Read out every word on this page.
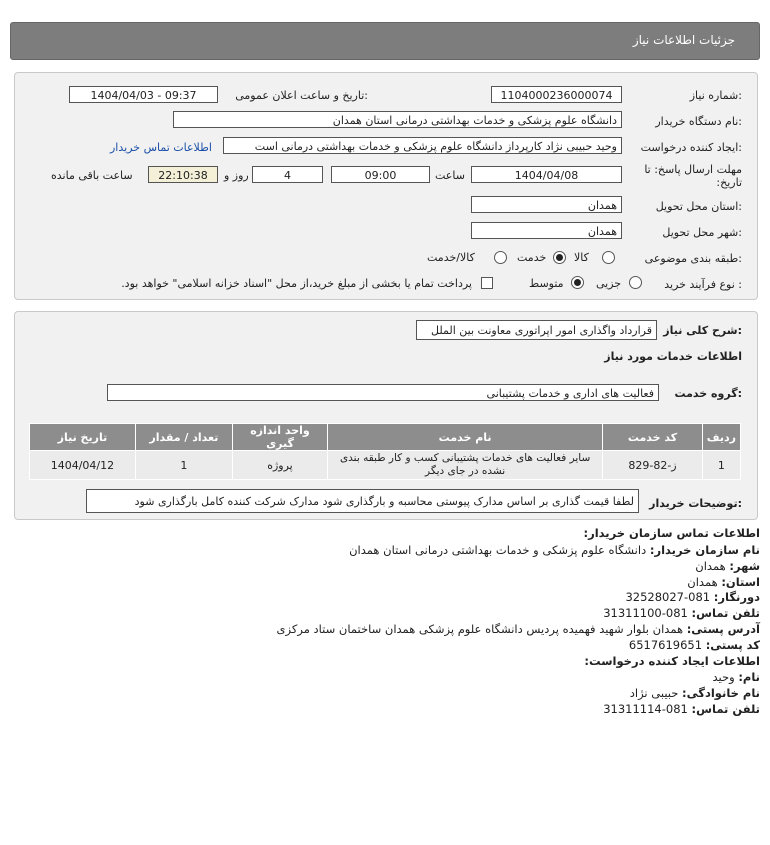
جزئیات اطلاعات نیاز
شماره نیاز:
1104000236000074
تاریخ و ساعت اعلان عمومی:
1404/04/03 - 09:37
نام دستگاه خریدار:
دانشگاه علوم پزشکی و خدمات بهداشتی درمانی استان همدان
ایجاد کننده درخواست:
وحید حبیبی نژاد کارپرداز دانشگاه علوم پزشکی و خدمات بهداشتی درمانی است
اطلاعات تماس خریدار
مهلت ارسال پاسخ: تا تاریخ:
1404/04/08
ساعت
09:00
4
روز و
22:10:38
ساعت باقی مانده
استان محل تحویل:
همدان
شهر محل تحویل:
همدان
طبقه بندی موضوعی:
کالا
خدمت
کالا/خدمت
نوع فرآیند خرید :
جزیی
متوسط
پرداخت تمام یا بخشی از مبلغ خرید،از محل "اسناد خزانه اسلامی" خواهد بود.
شرح کلی نیاز:
قرارداد واگذاری امور اپراتوری معاونت بین الملل
اطلاعات خدمات مورد نیاز
گروه خدمت:
فعالیت های اداری و خدمات پشتیبانی
تاریخ نیاز	تعداد / مقدار	واحد اندازه گیری	نام خدمت	کد خدمت	ردیف
1404/04/12	1	پروژه	سایر فعالیت های خدمات پشتیبانی کسب و کار طبقه بندی نشده در جای دیگر	ز-82-829	1
توضیحات خریدار:
لطفا قیمت گذاری بر اساس مدارک پیوستی محاسبه و بارگذاری شود مدارک شرکت کننده کامل بارگذاری شود
اطلاعات تماس سازمان خریدار:
نام سازمان خریدار: دانشگاه علوم پزشکی و خدمات بهداشتی درمانی استان همدان
شهر: همدان
استان: همدان
دورنگار: 081-32528027
تلفن تماس: 081-31311100
آدرس پستی: همدان بلوار شهید فهمیده پردیس دانشگاه علوم پزشکی همدان ساختمان ستاد مرکزی
کد پستی: 6517619651
اطلاعات ایجاد کننده درخواست:
نام: وحید
نام خانوادگی: حبیبی نژاد
تلفن تماس: 081-31311114
